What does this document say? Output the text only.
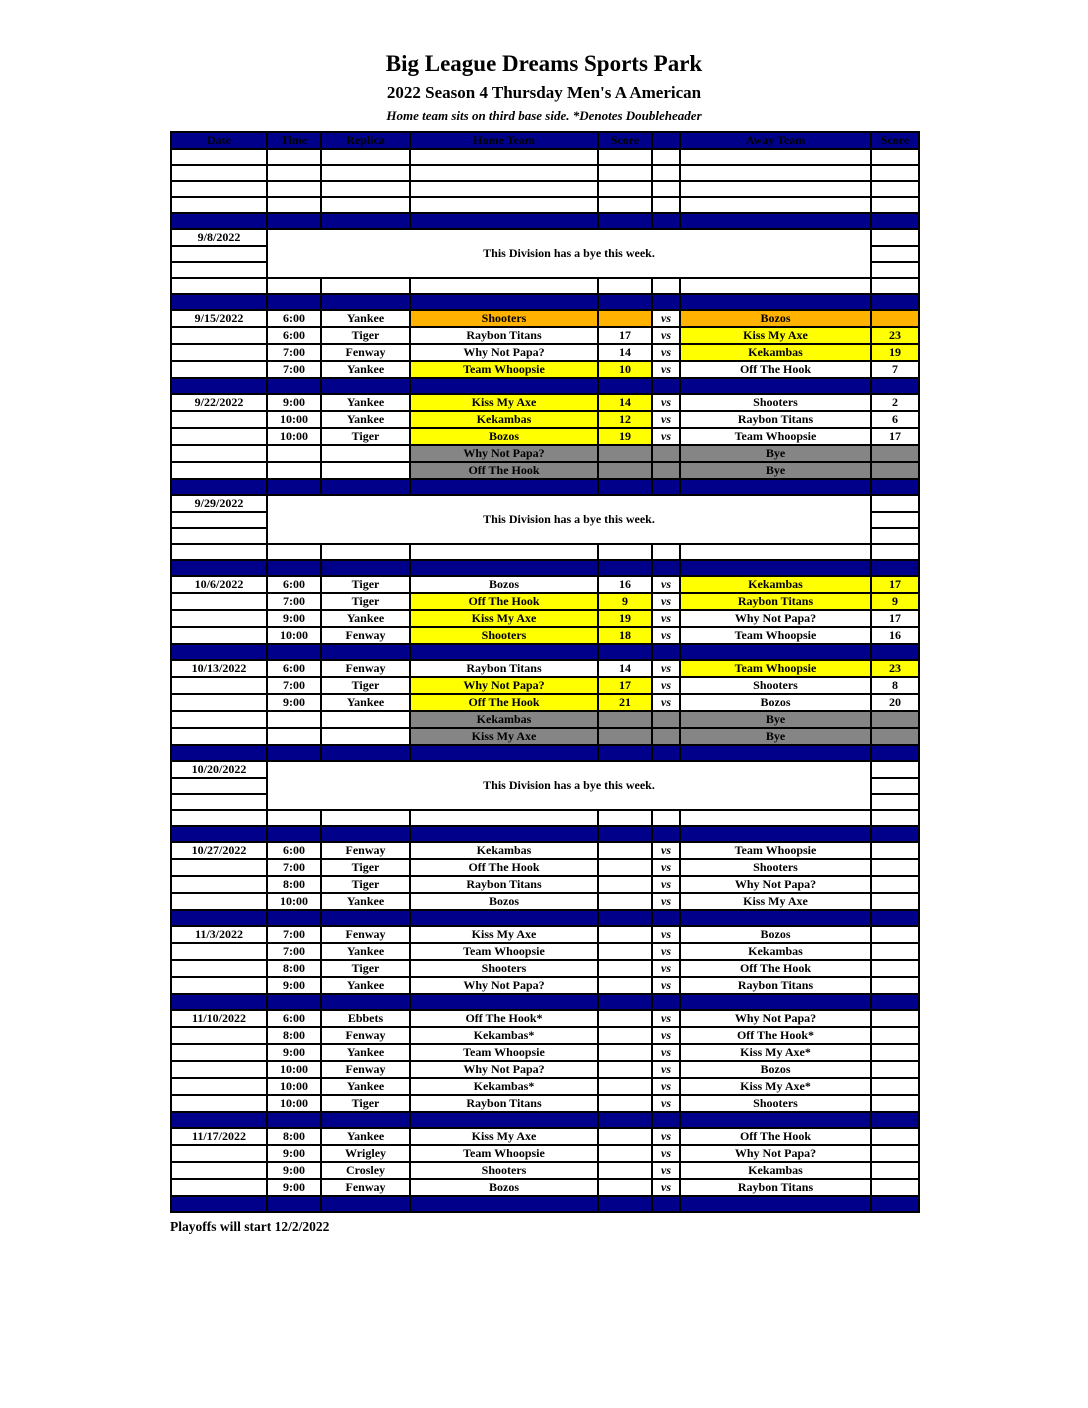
Big League Dreams Sports Park
2022 Season 4 Thursday Men's A American
Home team sits on third base side. *Denotes Doubleheader
Date	Time	Replica	Home Team	Score		Away Team	Score

9/8/2022	This Division has a bye this week.						

9/15/2022	6:00	Yankee	Shooters		vs	Bozos	
	6:00	Tiger	Raybon Titans	17	vs	Kiss My Axe	23
	7:00	Fenway	Why Not Papa?	14	vs	Kekambas	19
	7:00	Yankee	Team Whoopsie	10	vs	Off The Hook	7

9/22/2022	9:00	Yankee	Kiss My Axe	14	vs	Shooters	2
	10:00	Yankee	Kekambas	12	vs	Raybon Titans	6
	10:00	Tiger	Bozos	19	vs	Team Whoopsie	17
			Why Not Papa?			Bye	
			Off The Hook			Bye	

9/29/2022	This Division has a bye this week.						

10/6/2022	6:00	Tiger	Bozos	16	vs	Kekambas	17
	7:00	Tiger	Off The Hook	9	vs	Raybon Titans	9
	9:00	Yankee	Kiss My Axe	19	vs	Why Not Papa?	17
	10:00	Fenway	Shooters	18	vs	Team Whoopsie	16

10/13/2022	6:00	Fenway	Raybon Titans	14	vs	Team Whoopsie	23
	7:00	Tiger	Why Not Papa?	17	vs	Shooters	8
	9:00	Yankee	Off The Hook	21	vs	Bozos	20
			Kekambas			Bye	
			Kiss My Axe			Bye	

10/20/2022	This Division has a bye this week.						

10/27/2022	6:00	Fenway	Kekambas		vs	Team Whoopsie	
	7:00	Tiger	Off The Hook		vs	Shooters	
	8:00	Tiger	Raybon Titans		vs	Why Not Papa?	
	10:00	Yankee	Bozos		vs	Kiss My Axe	

11/3/2022	7:00	Fenway	Kiss My Axe		vs	Bozos	
	7:00	Yankee	Team Whoopsie		vs	Kekambas	
	8:00	Tiger	Shooters		vs	Off The Hook	
	9:00	Yankee	Why Not Papa?		vs	Raybon Titans	

11/10/2022	6:00	Ebbets	Off The Hook*		vs	Why Not Papa?	
	8:00	Fenway	Kekambas*		vs	Off The Hook*	
	9:00	Yankee	Team Whoopsie		vs	Kiss My Axe*	
	10:00	Fenway	Why Not Papa?		vs	Bozos	
	10:00	Yankee	Kekambas*		vs	Kiss My Axe*	
	10:00	Tiger	Raybon Titans		vs	Shooters	

11/17/2022	8:00	Yankee	Kiss My Axe		vs	Off The Hook	
	9:00	Wrigley	Team Whoopsie		vs	Why Not Papa?	
	9:00	Crosley	Shooters		vs	Kekambas	
	9:00	Fenway	Bozos		vs	Raybon Titans	

Playoffs will start 12/2/2022
